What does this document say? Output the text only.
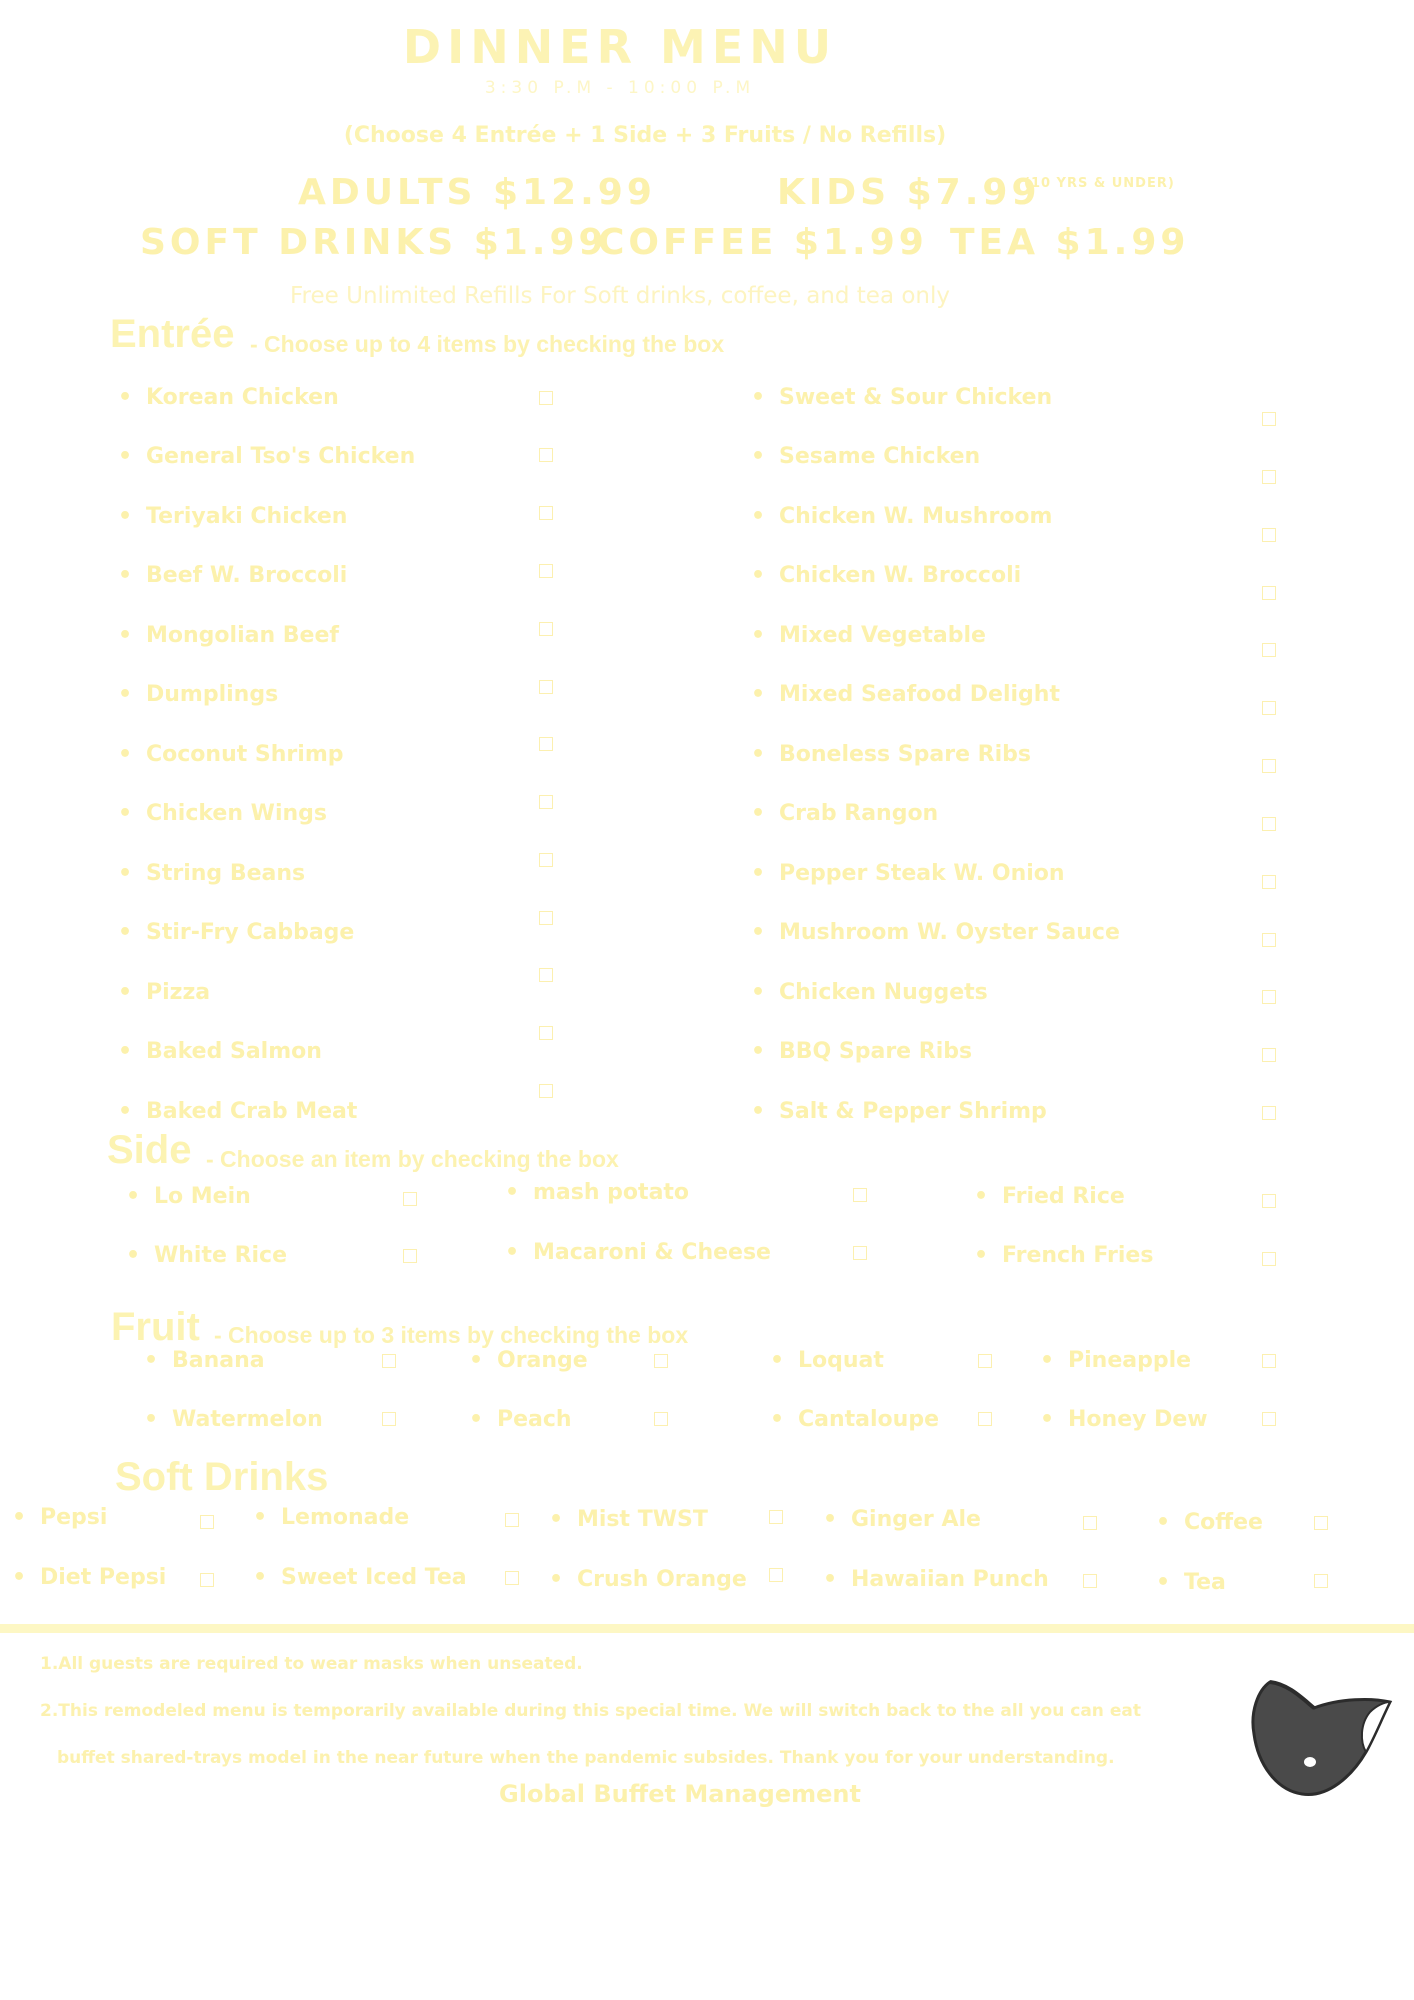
DINNER MENU
3:30 P.M - 10:00 P.M
(Choose 4 Entrée + 1 Side + 3 Fruits / No Refills)
ADULTS $12.99	KIDS $7.99
(10 YRS & UNDER)
SOFT DRINKS $1.99
COFFEE $1.99 TEA $1.99
Free Unlimited Refills For Soft drinks, coffee, and tea only
Entrée - Choose up to 4 items by checking the box
• Korean Chicken
• General Tso's Chicken
• Teriyaki Chicken
• Beef W. Broccoli
• Mongolian Beef
• Dumplings
• Coconut Shrimp
• Chicken Wings
• String Beans
• Stir-Fry Cabbage
• Pizza
• Baked Salmon
• Baked Crab Meat
• Sweet & Sour Chicken
• Sesame Chicken
• Chicken W. Mushroom
• Chicken W. Broccoli
• Mixed Vegetable
• Mixed Seafood Delight
• Boneless Spare Ribs
• Crab Rangon
• Pepper Steak W. Onion
• Mushroom W. Oyster Sauce
• Chicken Nuggets
• BBQ Spare Ribs
• Salt & Pepper Shrimp
Side - Choose an item by checking the box
• Lo Mein
• White Rice
• mash potato
• Macaroni & Cheese
• Fried Rice
• French Fries
Fruit - Choose up to 3 items by checking the box
• Banana
• Watermelon
• Orange
• Peach
• Loquat
• Cantaloupe
• Pineapple
• Honey Dew
Soft Drinks
• Pepsi
• Diet Pepsi
• Lemonade
• Sweet Iced Tea
• Mist TWST
• Crush Orange
• Ginger Ale
• Hawaiian Punch
• Coffee
• Tea
1.All guests are required to wear masks when unseated.
2.This remodeled menu is temporarily available during this special time. We will switch back to the all you can eat
buffet shared-trays model in the near future when the pandemic subsides. Thank you for your understanding.
Global Buffet Management
